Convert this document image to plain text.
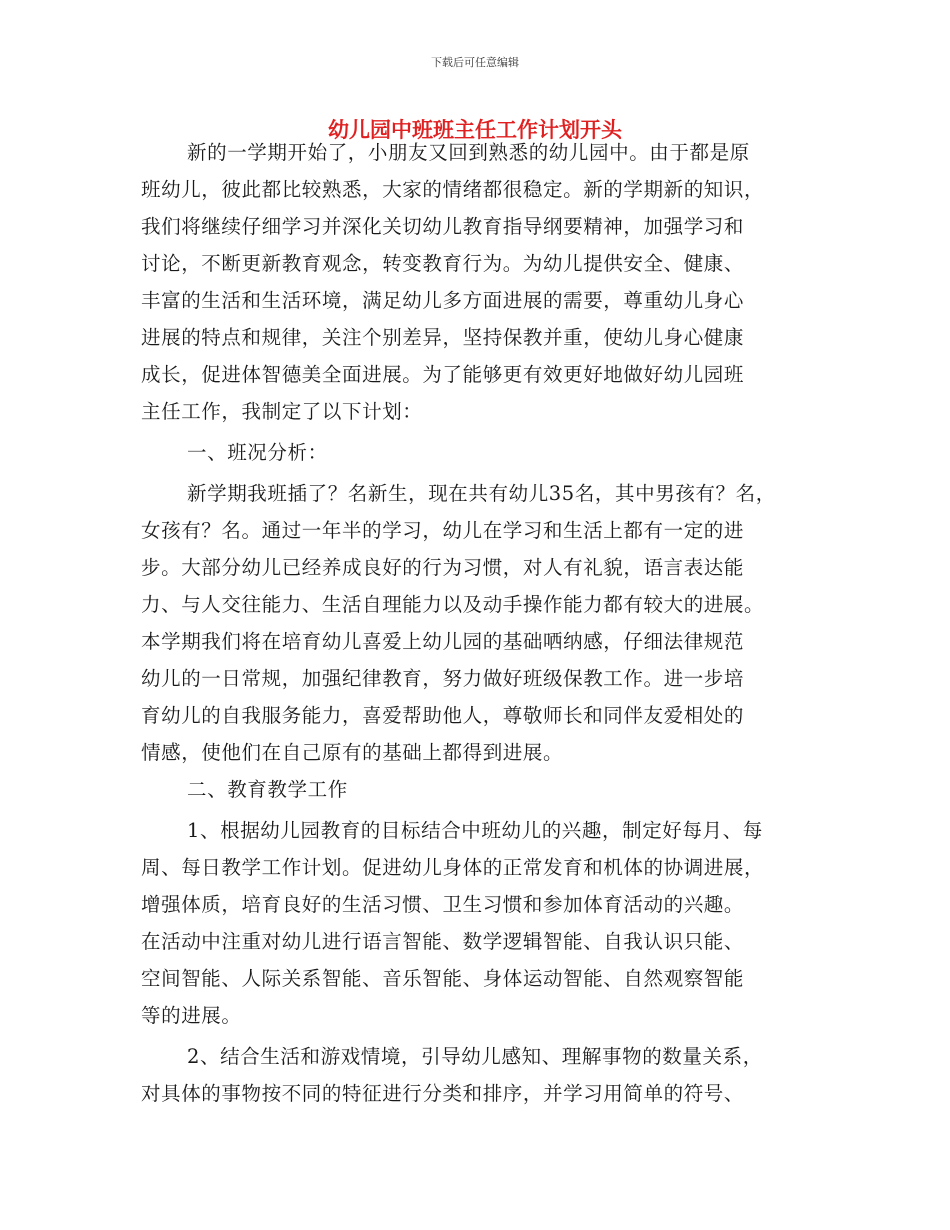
下载后可任意编辑
幼儿园中班班主任工作计划开头
新的一学期开始了，小朋友又回到熟悉的幼儿园中。由于都是原
班幼儿，彼此都比较熟悉，大家的情绪都很稳定。新的学期新的知识，
我们将继续仔细学习并深化关切幼儿教育指导纲要精神，加强学习和
讨论，不断更新教育观念，转变教育行为。为幼儿提供安全、健康、
丰富的生活和生活环境，满足幼儿多方面进展的需要，尊重幼儿身心
进展的特点和规律，关注个别差异，坚持保教并重，使幼儿身心健康
成长，促进体智德美全面进展。为了能够更有效更好地做好幼儿园班
主任工作，我制定了以下计划：
一、班况分析：
新学期我班插了？名新生，现在共有幼儿35名，其中男孩有？名，
女孩有？名。通过一年半的学习，幼儿在学习和生活上都有一定的进
步。大部分幼儿已经养成良好的行为习惯，对人有礼貌，语言表达能
力、与人交往能力、生活自理能力以及动手操作能力都有较大的进展。
本学期我们将在培育幼儿喜爱上幼儿园的基础哂纳感，仔细法律规范
幼儿的一日常规，加强纪律教育，努力做好班级保教工作。进一步培
育幼儿的自我服务能力，喜爱帮助他人，尊敬师长和同伴友爱相处的
情感，使他们在自己原有的基础上都得到进展。
二、教育教学工作
1、根据幼儿园教育的目标结合中班幼儿的兴趣，制定好每月、每
周、每日教学工作计划。促进幼儿身体的正常发育和机体的协调进展，
增强体质，培育良好的生活习惯、卫生习惯和参加体育活动的兴趣。
在活动中注重对幼儿进行语言智能、数学逻辑智能、自我认识只能、
空间智能、人际关系智能、音乐智能、身体运动智能、自然观察智能
等的进展。
2、结合生活和游戏情境，引导幼儿感知、理解事物的数量关系，
对具体的事物按不同的特征进行分类和排序，并学习用简单的符号、
